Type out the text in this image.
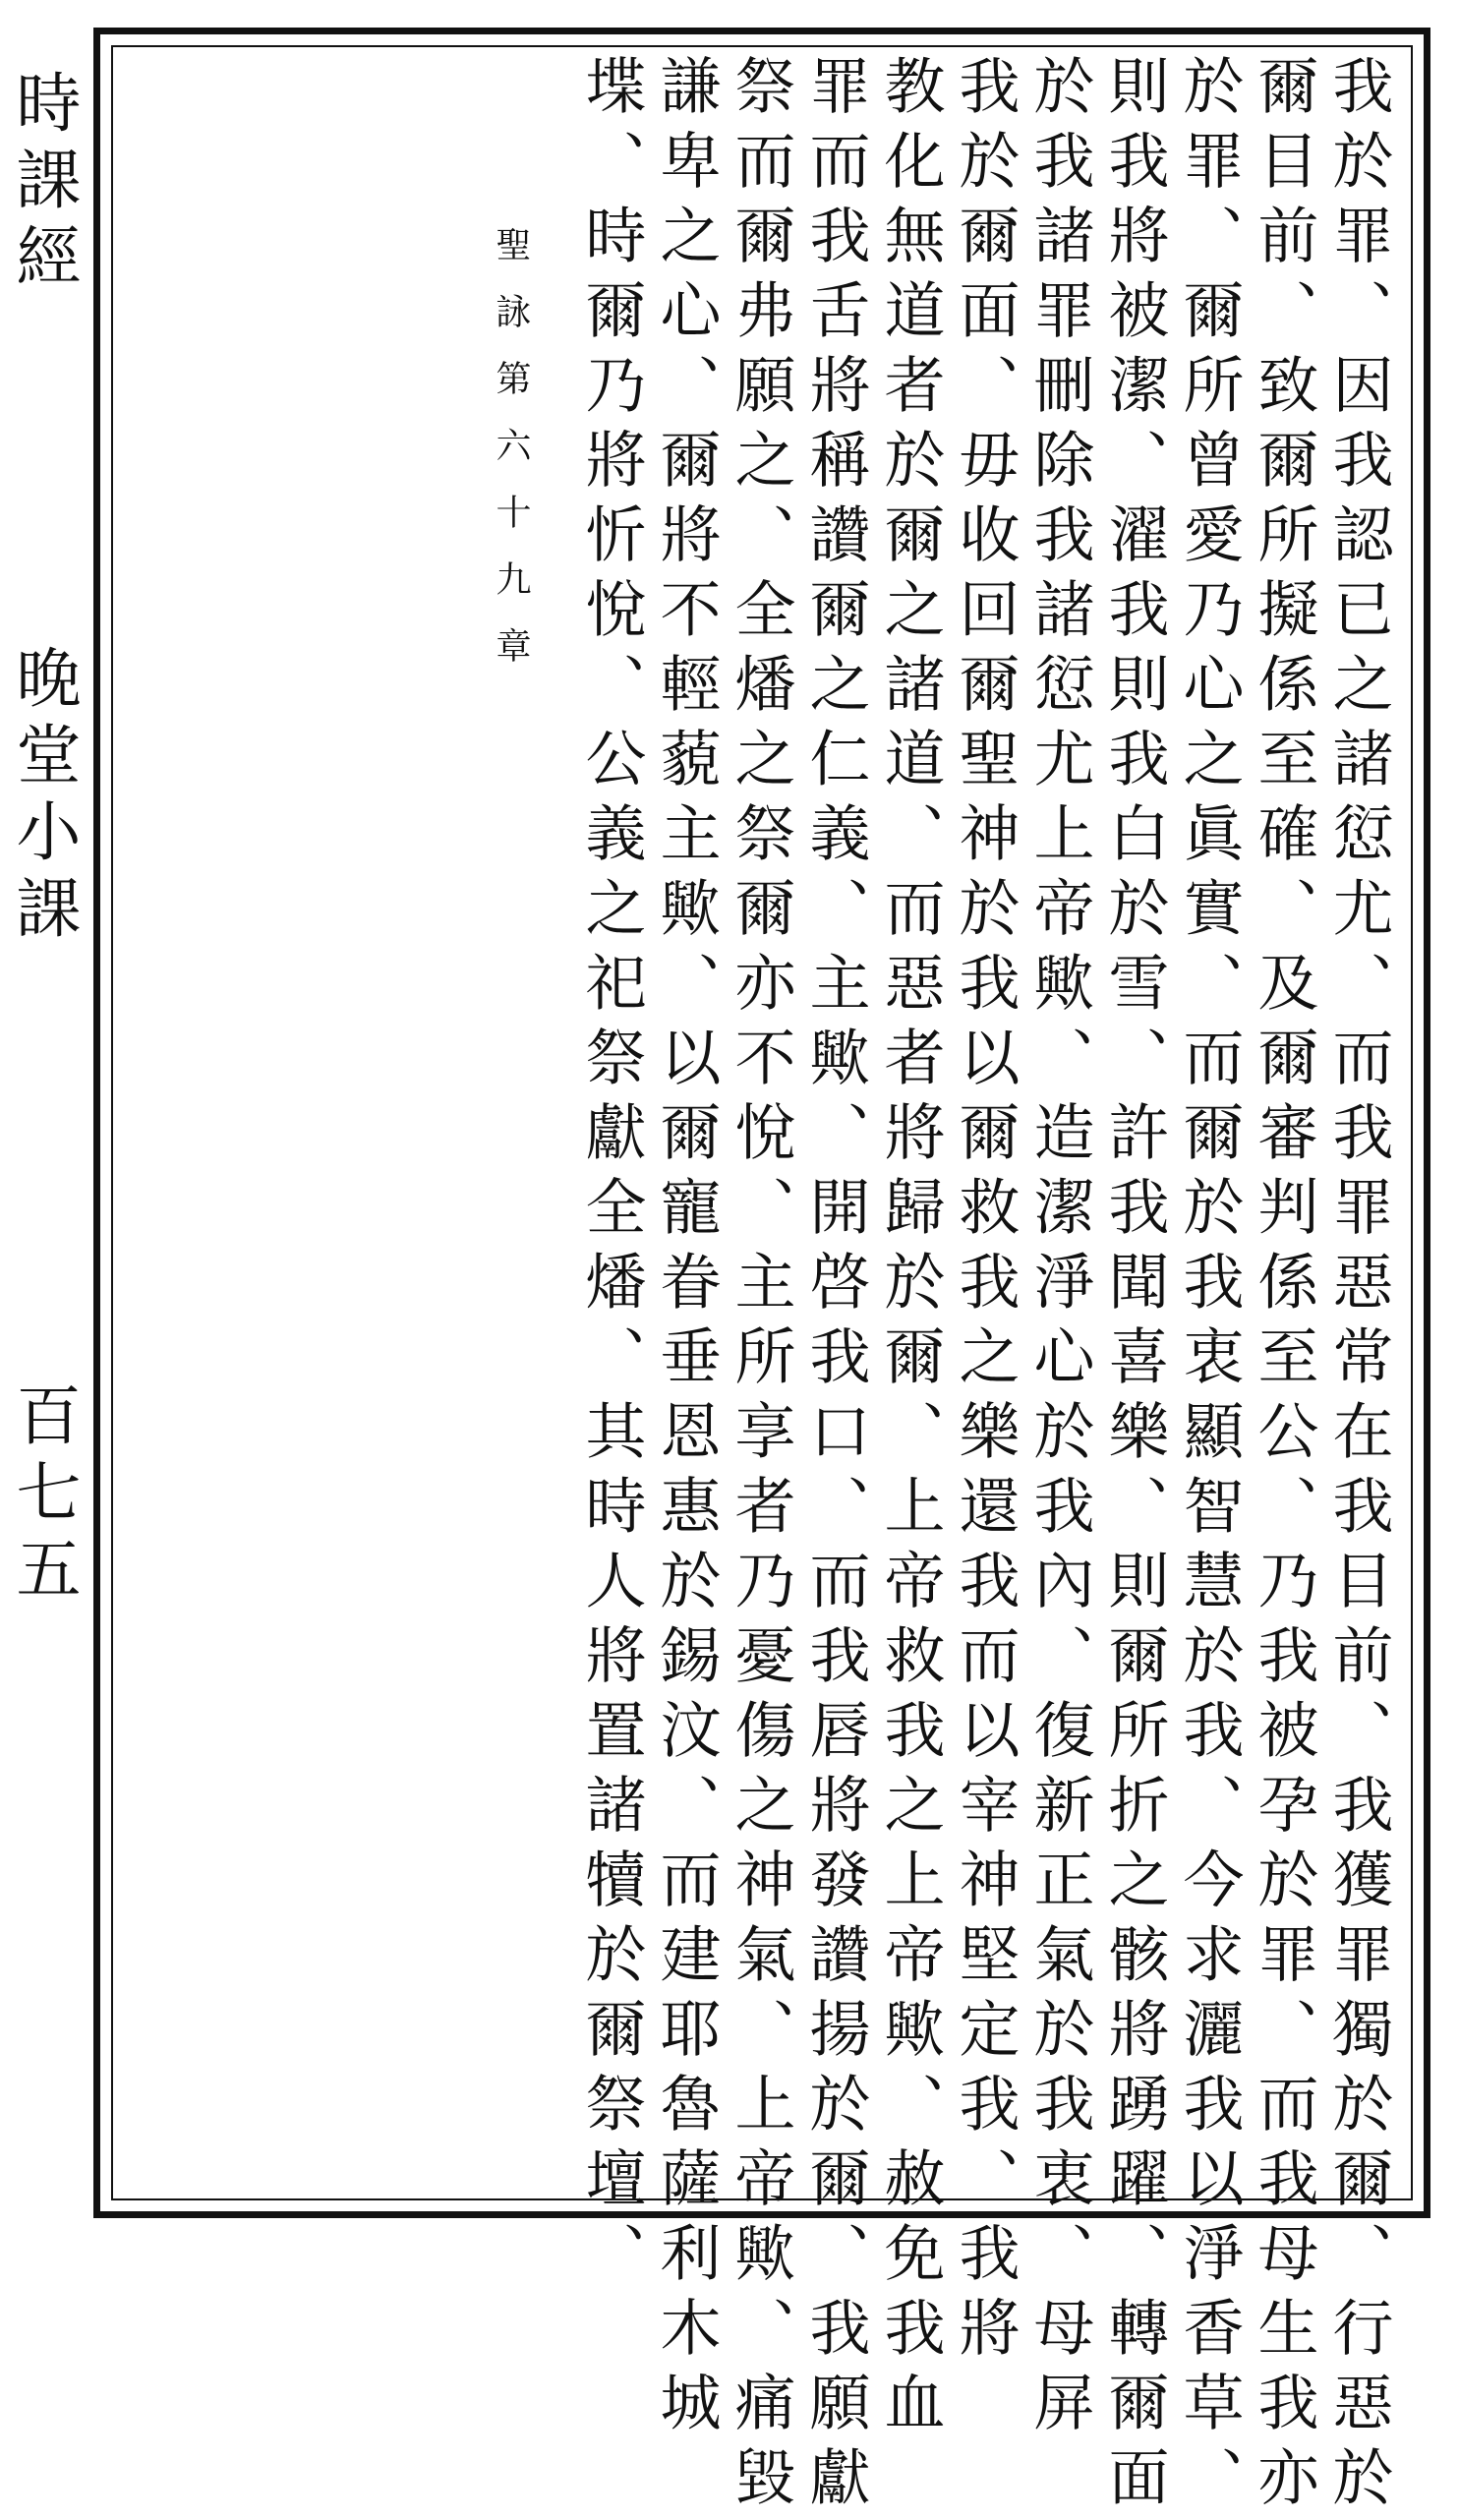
時課經
晚堂小課
百七五	我於罪、因我認已之諸愆尤、而我罪惡常在我目前、我獲罪獨於爾、行惡於
爾目前、致爾所擬係至確、及爾審判係至公、乃我被孕於罪、而我母生我亦
於罪、爾所曾愛乃心之眞實、而爾於我衷顯智慧於我、今求灑我以淨香草、
則我將被潔、濯我則我白於雪、許我聞喜樂、則爾所折之骸將踴躍、轉爾面
於我諸罪刪除我諸愆尤上帝歟、造潔淨心於我內、復新正氣於我衷、母屏
我於爾面、毋收回爾聖神於我以爾救我之樂還我而以宰神堅定我、我將
教化無道者於爾之諸道、而惡者將歸於爾、上帝救我之上帝歟、赦免我血
罪而我舌將稱讚爾之仁義、主歟、開啓我口、而我唇將發讚揚於爾、我願獻
祭而爾弗願之、全燔之祭爾亦不悅、主所享者乃憂傷之神氣、上帝歟、痛毀
謙卑之心、爾將不輕藐主歟、以爾寵眷垂恩惠於錫汶、而建耶魯薩利木城
堞、時爾乃將忻悅、公義之祀祭獻全燔、其時人將置諸犢於爾祭壇、
聖詠第六十九章
